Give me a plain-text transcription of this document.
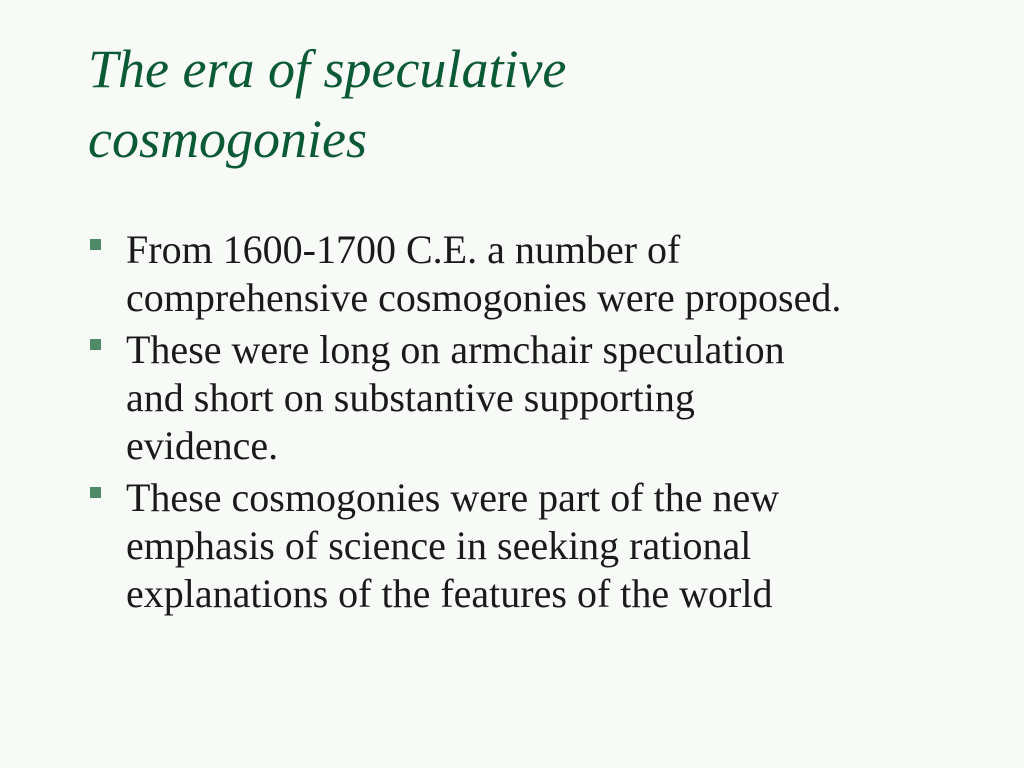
The era of speculative
cosmogonies
From 1600-1700 C.E. a number of
comprehensive cosmogonies were proposed.
These were long on armchair speculation
and short on substantive supporting
evidence.
These cosmogonies were part of the new
emphasis of science in seeking rational
explanations of the features of the world
